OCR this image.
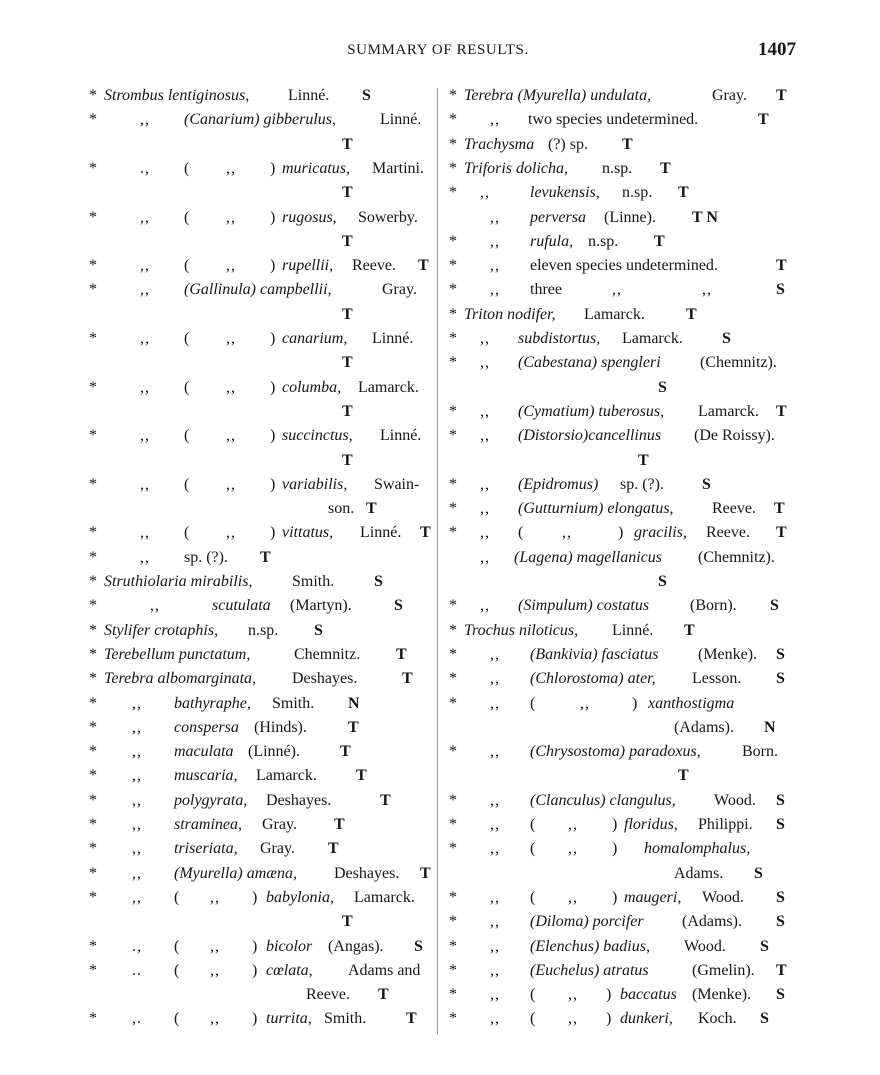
SUMMARY OF RESULTS.	1407
* Strombus lentiginosus, Linné. S
*	,, (Canarium) gibberulus,	Linné.
T
*	., ( ,, ) muricatus, Martini.
T
*	,, ( ,, ) rugosus, Sowerby.
T
*	,, ( ,, ) rupellii, Reeve. T
*	,, (Gallinula) campbellii,	Gray.
T
*	,, ( ,, ) canarium, Linné.
T
*	,, ( ,, ) columba, Lamarck.
T
*	,, ( ,, ) succinctus, Linné.
T
*	,, ( ,, ) variabilis, Swain-
son. T
*	,, ( ,, ) vittatus, Linné. T
*	,, sp. (?). T
* Struthiolaria mirabilis, Smith. S
*	,,	scutulata (Martyn).	S
* Stylifer crotaphis, n.sp. S
* Terebellum punctatum,	Chemnitz. T
* Terebra albomarginata, Deshayes.	T
* ,, bathyraphe, Smith. N
* ,, conspersa (Hinds).	T
* ,, maculata (Linné).	T
* ,, muscaria, Lamarck. T
* ,, polygyrata, Deshayes.	T
* ,, straminea, Gray. T
* ,, triseriata, Gray. T
* ,, (Myurella) amæna, Deshayes. T
* ,, ( ,, ) babylonia, Lamarck.
T
* ., ( ,, ) bicolor (Angas). S
* .. ( ,, ) cœlata, Adams and
Reeve. T
* ,. ( ,, ) turrita, Smith. T
* Terebra (Myurella) undulata,	Gray. T
* ,, two species undetermined.	T
* Trachysma (?) sp. T
* Triforis dolicha, n.sp. T
* ,,	levukensis, n.sp. T
,, perversa (Linne). T N
* ,, rufula, n.sp. T
* ,, eleven species undetermined.	T
* ,, three	,,	,,	S
* Triton nodifer, Lamarck.	T
* ,, subdistortus, Lamarck. S
* ,, (Cabestana) spengleri (Chemnitz).
S
* ,, (Cymatium) tuberosus, Lamarck. T
* ,, (Distorsio)cancellinus (De Roissy).
T
* ,, (Epidromus) sp. (?). S
* ,, (Gutturnium) elongatus, Reeve. T
* ,, ( ,,	) gracilis, Reeve. T
,, (Lagena) magellanicus (Chemnitz).
S
* ,, (Simpulum) costatus	(Born). S
* Trochus niloticus, Linné. T
* ,, (Bankivia) fasciatus (Menke). S
* ,, (Chlorostoma) ater, Lesson. S
* ,, (	,,	) xanthostigma
(Adams). N
* ,, (Chrysostoma) paradoxus,	Born.
T
* ,, (Clanculus) clangulus, Wood. S
* ,, ( ,, ) floridus, Philippi. S
* ,, ( ,, ) homalomphalus,
Adams. S
* ,, ( ,, ) maugeri, Wood. S
* ,, (Diloma) porcifer (Adams). S
* ,, (Elenchus) badius, Wood. S
* ,, (Euchelus) atratus	(Gmelin). T
* ,, ( ,, ) baccatus (Menke). S
* ,, ( ,, ) dunkeri, Koch. S
